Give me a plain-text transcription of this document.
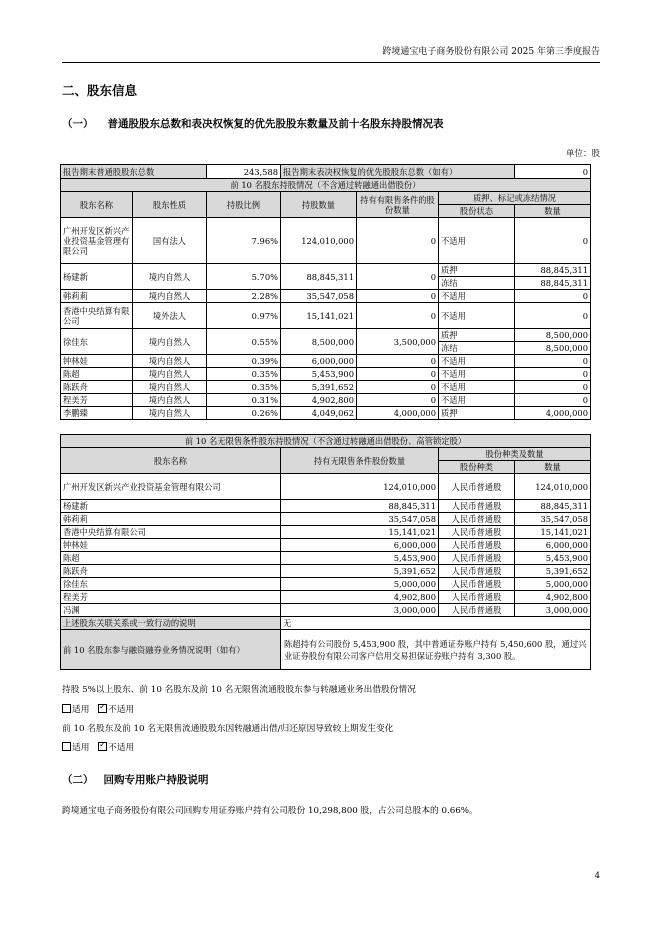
跨境通宝电子商务股份有限公司 2025 年第三季度报告
二、股东信息
（一） 普通股股东总数和表决权恢复的优先股股东数量及前十名股东持股情况表
单位：股
报告期末普通股股东总数		243,588	报告期末表决权恢复的优先股股东总数（如有）			0
前 10 名股东持股情况（不含通过转融通出借股份）						
股东名称	股东性质	持股比例	持股数量	持有有限售条件的股份数量	质押、标记或冻结情况	
					股份状态	数量
广州开发区新兴产业投资基金管理有限公司	国有法人	7.96%	124,010,000	0	不适用	0
杨建新	境内自然人	5.70%	88,845,311	0	质押	88,845,311
					冻结	88,845,311
韩莉莉	境内自然人	2.28%	35,547,058	0	不适用	0
香港中央结算有限公司	境外法人	0.97%	15,141,021	0	不适用	0
徐佳东	境内自然人	0.55%	8,500,000	3,500,000	质押	8,500,000
					冻结	8,500,000
钟林娃	境内自然人	0.39%	6,000,000	0	不适用	0
陈超	境内自然人	0.35%	5,453,900	0	不适用	0
陈跃舟	境内自然人	0.35%	5,391,652	0	不适用	0
程美芳	境内自然人	0.31%	4,902,800	0	不适用	0
李鹏臻	境内自然人	0.26%	4,049,062	4,000,000	质押	4,000,000
前 10 名无限售条件股东持股情况（不含通过转融通出借股份、高管锁定股）			
股东名称	持有无限售条件股份数量	股份种类及数量	
		股份种类	数量
广州开发区新兴产业投资基金管理有限公司	124,010,000	人民币普通股	124,010,000
杨建新	88,845,311	人民币普通股	88,845,311
韩莉莉	35,547,058	人民币普通股	35,547,058
香港中央结算有限公司	15,141,021	人民币普通股	15,141,021
钟林娃	6,000,000	人民币普通股	6,000,000
陈超	5,453,900	人民币普通股	5,453,900
陈跃舟	5,391,652	人民币普通股	5,391,652
徐佳东	5,000,000	人民币普通股	5,000,000
程美芳	4,902,800	人民币普通股	4,902,800
冯渊	3,000,000	人民币普通股	3,000,000
上述股东关联关系或一致行动的说明	无		
前 10 名股东参与融资融券业务情况说明（如有）	陈超持有公司股份 5,453,900 股，其中普通证券账户持有 5,450,600 股，通过兴业证券股份有限公司客户信用交易担保证券账户持有 3,300 股。		
持股 5%以上股东、前 10 名股东及前 10 名无限售流通股股东参与转融通业务出借股份情况
适用 ✓ 不适用
前 10 名股东及前 10 名无限售流通股股东因转融通出借/归还原因导致较上期发生变化
适用 ✓ 不适用
（二） 回购专用账户持股说明
跨境通宝电子商务股份有限公司回购专用证券账户持有公司股份 10,298,800 股，占公司总股本的 0.66%。
4
